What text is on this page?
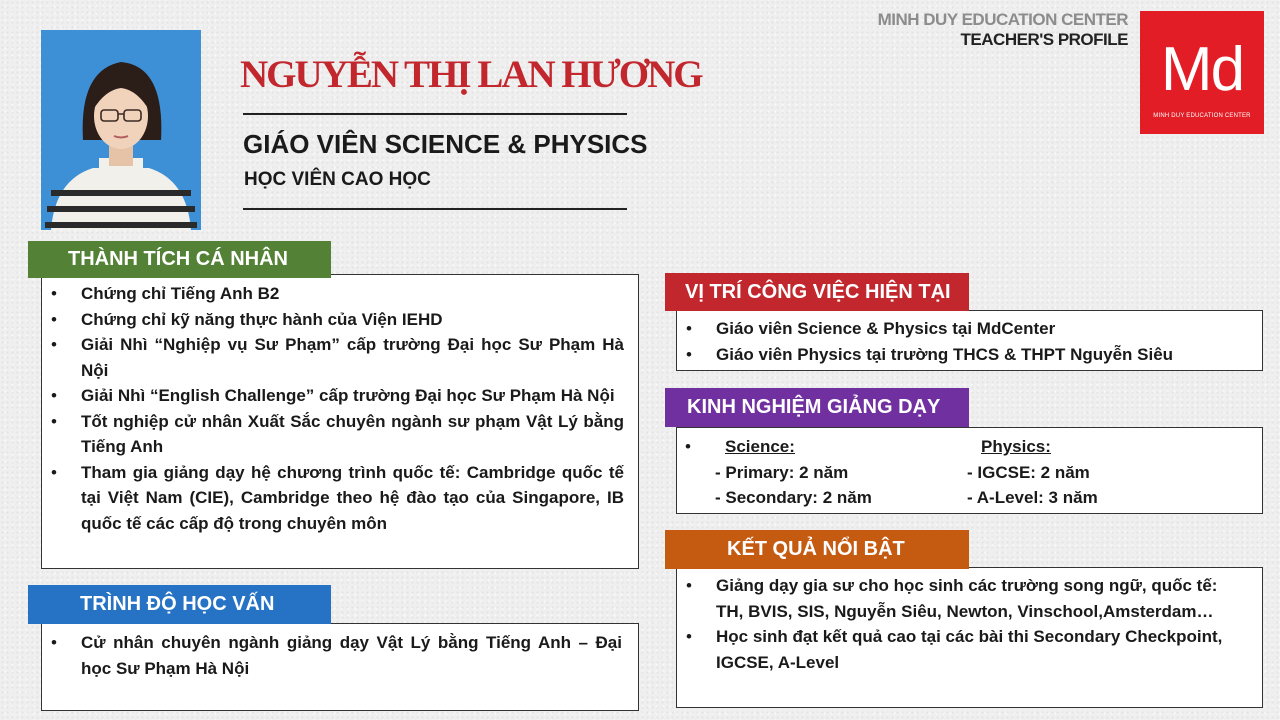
NGUYỄN THỊ LAN HƯƠNG
GIÁO VIÊN SCIENCE & PHYSICS
HỌC VIÊN CAO HỌC
MINH DUY EDUCATION CENTER
TEACHER'S PROFILE Md
MINH DUY EDUCATION CENTER
• Chứng chỉ Tiếng Anh B2
• Chứng chỉ kỹ năng thực hành của Viện IEHD
• Giải Nhì “Nghiệp vụ Sư Phạm” cấp trường Đại học Sư Phạm Hà Nội
• Giải Nhì “English Challenge” cấp trường Đại học Sư Phạm Hà Nội
• Tốt nghiệp cử nhân Xuất Sắc chuyên ngành sư phạm Vật Lý bằng Tiếng Anh
• Tham gia giảng dạy hệ chương trình quốc tế: Cambridge quốc tế tại Việt Nam (CIE), Cambridge theo hệ đào tạo của Singapore, IB quốc tế các cấp độ trong chuyên môn
THÀNH TÍCH CÁ NHÂN
• Cử nhân chuyên ngành giảng dạy Vật Lý bằng Tiếng Anh – Đại học Sư Phạm Hà Nội
TRÌNH ĐỘ HỌC VẤN
• Giáo viên Science & Physics tại MdCenter
• Giáo viên Physics tại trường THCS & THPT Nguyễn Siêu
VỊ TRÍ CÔNG VIỆC HIỆN TẠI
• Science:	Physics:
- Primary: 2 năm	- IGCSE: 2 năm
- Secondary: 2 năm	- A-Level: 3 năm
KINH NGHIỆM GIẢNG DẠY
• Giảng dạy gia sư cho học sinh các trường song ngữ, quốc tế: TH, BVIS, SIS, Nguyễn Siêu, Newton, Vinschool,Amsterdam…
• Học sinh đạt kết quả cao tại các bài thi Secondary Checkpoint, IGCSE, A-Level
KẾT QUẢ NỔI BẬT
